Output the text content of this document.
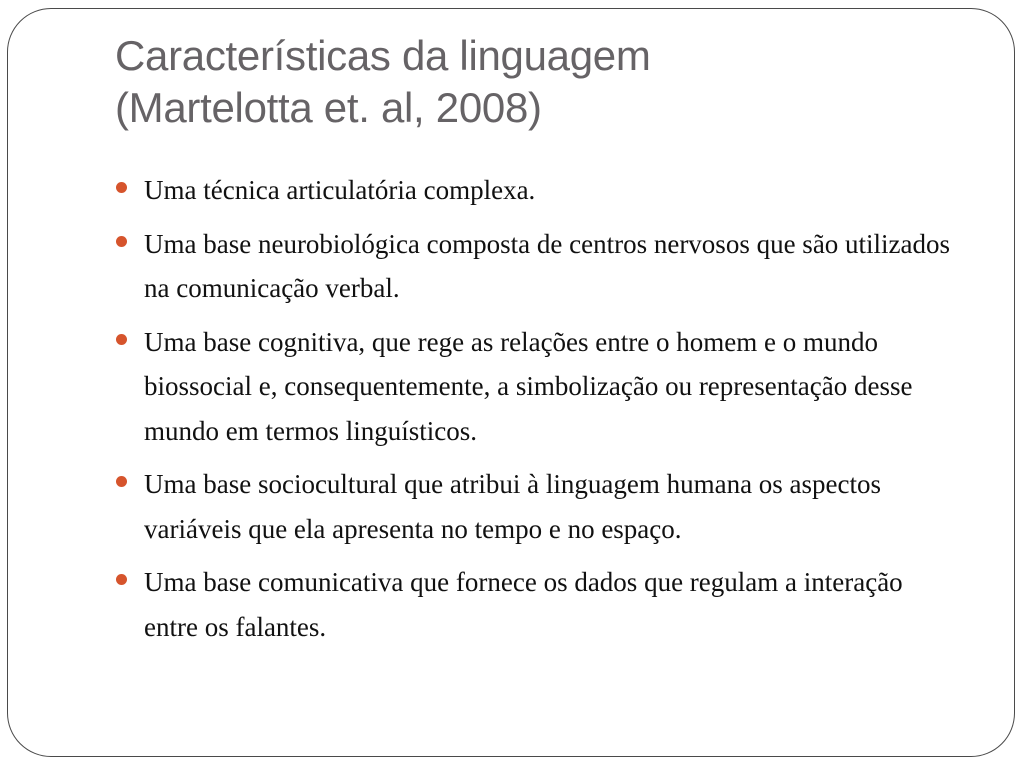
Características da linguagem
(Martelotta et. al, 2008)
Uma técnica articulatória complexa.
Uma base neurobiológica composta de centros nervosos que são utilizados na comunicação verbal.
Uma base cognitiva, que rege as relações entre o homem e o mundo biossocial e, consequentemente, a simbolização ou representação desse mundo em termos linguísticos.
Uma base sociocultural que atribui à linguagem humana os aspectos variáveis que ela apresenta no tempo e no espaço.
Uma base comunicativa que fornece os dados que regulam a interação entre os falantes.
